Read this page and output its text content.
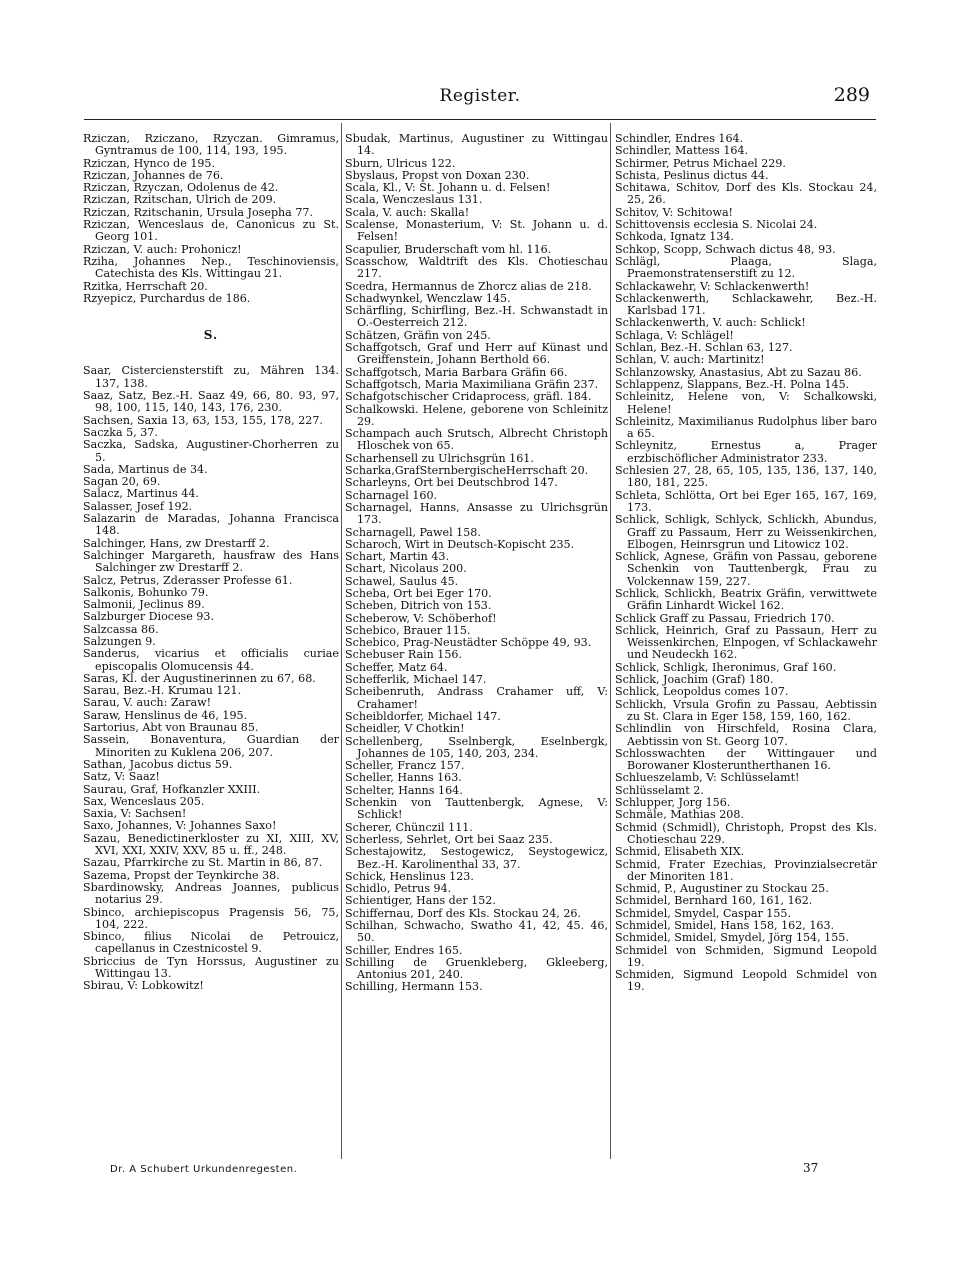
Register.	289

Rziczan, Rziczano, Rzyczan. Gimramus, Gyntramus de 100, 114, 193, 195.

Rziczan, Hynco de 195.

Rziczan, Johannes de 76.

Rziczan, Rzyczan, Odolenus de 42.

Rziczan, Rzitschan, Ulrich de 209.

Rziczan, Rzitschanin, Ursula Josepha 77.

Rziczan, Wenceslaus de, Canonicus zu St. Georg 101.

Rziczan, V. auch: Prohonicz!

Rziha, Johannes Nep., Teschinoviensis, Catechista des Kls. Wittingau 21.

Rzitka, Herrschaft 20.

Rzyepicz, Purchardus de 186.

S.

Saar, Cisterciensterstift zu, Mähren 134. 137, 138.

Saaz, Satz, Bez.-H. Saaz 49, 66, 80. 93, 97, 98, 100, 115, 140, 143, 176, 230.

Sachsen, Saxia 13, 63, 153, 155, 178, 227.

Saczka 5, 37.

Saczka, Sadska, Augustiner-Chorherren zu 5.

Sada, Martinus de 34.

Sagan 20, 69.

Salacz, Martinus 44.

Salasser, Josef 192.

Salazarin de Maradas, Johanna Francisca 148.

Salchinger, Hans, zw Drestarff 2.

Salchinger Margareth, hausfraw des Hans Salchinger zw Drestarff 2.

Salcz, Petrus, Zderasser Professe 61.

Salkonis, Bohunko 79.

Salmonii, Jeclinus 89.

Salzburger Diocese 93.

Salzcassa 86.

Salzungen 9.

Sanderus, vicarius et officialis curiae episcopalis Olomucensis 44.

Saras, Kl. der Augustinerinnen zu 67, 68.

Sarau, Bez.-H. Krumau 121.

Sarau, V. auch: Zaraw!

Saraw, Henslinus de 46, 195.

Sartorius, Abt von Braunau 85.

Sassein, Bonaventura, Guardian der Minoriten zu Kuklena 206, 207.

Sathan, Jacobus dictus 59.

Satz, V: Saaz!

Saurau, Graf, Hofkanzler XXIII.

Sax, Wenceslaus 205.

Saxia, V: Sachsen!

Saxo, Johannes, V: Johannes Saxo!

Sazau, Benedictinerkloster zu XI, XIII, XV, XVI, XXI, XXIV, XXV, 85 u. ff., 248.

Sazau, Pfarrkirche zu St. Martin in 86, 87.

Sazema, Propst der Teynkirche 38.

Sbardinowsky, Andreas Joannes, publicus notarius 29.

Sbinco, archiepiscopus Pragensis 56, 75, 104, 222.

Sbinco, filius Nicolai de Petrouicz, capellanus in Czestnicostel 9.

Sbriccius de Tyn Horssus, Augustiner zu Wittingau 13.

Sbirau, V: Lobkowitz!

Sbudak, Martinus, Augustiner zu Wittingau 14.

Sburn, Ulricus 122.

Sbyslaus, Propst von Doxan 230.

Scala, Kl., V: St. Johann u. d. Felsen!

Scala, Wenczeslaus 131.

Scala, V. auch: Skalla!

Scalense, Monasterium, V: St. Johann u. d. Felsen!

Scapulier, Bruderschaft vom hl. 116.

Scasschow, Waldtrift des Kls. Chotieschau 217.

Scedra, Hermannus de Zhorcz alias de 218.

Schadwynkel, Wenczlaw 145.

Schärfling, Schirfling, Bez.-H. Schwanstadt in O.-Oesterreich 212.

Schätzen, Gräfin von 245.

Schaffgotsch, Graf und Herr auf Künast und Greiffenstein, Johann Berthold 66.

Schaffgotsch, Maria Barbara Gräfin 66.

Schaffgotsch, Maria Maximiliana Gräfin 237.

Schafgotschischer Cridaprocess, gräfl. 184.

Schalkowski. Helene, geborene von Schleinitz 29.

Schampach auch Srutsch, Albrecht Christoph Hloschek von 65.

Scharhensell zu Ulrichsgrün 161.

Scharka,GrafSternbergischeHerrschaft 20.

Scharleyns, Ort bei Deutschbrod 147.

Scharnagel 160.

Scharnagel, Hanns, Ansasse zu Ulrichsgrün 173.

Scharnagell, Pawel 158.

Scharoch, Wirt in Deutsch-Kopischt 235.

Schart, Martin 43.

Schart, Nicolaus 200.

Schawel, Saulus 45.

Scheba, Ort bei Eger 170.

Scheben, Ditrich von 153.

Scheberow, V: Schöberhof!

Schebico, Brauer 115.

Schebico, Prag-Neustädter Schöppe 49, 93.

Schebuser Rain 156.

Scheffer, Matz 64.

Schefferlik, Michael 147.

Scheibenruth, Andrass Crahamer uff, V: Crahamer!

Scheibldorfer, Michael 147.

Scheidler, V Chotkin!

Schellenberg, Sselnbergk, Eselnbergk, Johannes de 105, 140, 203, 234.

Scheller, Francz 157.

Scheller, Hanns 163.

Schelter, Hanns 164.

Schenkin von Tauttenbergk, Agnese, V: Schlick!

Scherer, Chünczil 111.

Scherless, Sehrlet, Ort bei Saaz 235.

Schestajowitz, Sestogewicz, Seystogewicz, Bez.-H. Karolinenthal 33, 37.

Schick, Henslinus 123.

Schidlo, Petrus 94.

Schientiger, Hans der 152.

Schiffernau, Dorf des Kls. Stockau 24, 26.

Schilhan, Schwacho, Swatho 41, 42, 45. 46, 50.

Schiller, Endres 165.

Schilling de Gruenkleberg, Gkleeberg, Antonius 201, 240.

Schilling, Hermann 153.

Schindler, Endres 164.

Schindler, Mattess 164.

Schirmer, Petrus Michael 229.

Schista, Peslinus dictus 44.

Schitawa, Schitov, Dorf des Kls. Stockau 24, 25, 26.

Schitov, V: Schitowa!

Schittovensis ecclesia S. Nicolai 24.

Schkoda, Ignatz 134.

Schkop, Scopp, Schwach dictus 48, 93.

Schlägl, Plaaga, Slaga, Praemonstratenserstift zu 12.

Schlackawehr, V: Schlackenwerth!

Schlackenwerth, Schlackawehr, Bez.-H. Karlsbad 171.

Schlackenwerth, V. auch: Schlick!

Schlaga, V: Schlägel!

Schlan, Bez.-H. Schlan 63, 127.

Schlan, V. auch: Martinitz!

Schlanzowsky, Anastasius, Abt zu Sazau 86.

Schlappenz, Slappans, Bez.-H. Polna 145.

Schleinitz, Helene von, V: Schalkowski, Helene!

Schleinitz, Maximilianus Rudolphus liber baro a 65.

Schleynitz, Ernestus a, Prager erzbischöflicher Administrator 233.

Schlesien 27, 28, 65, 105, 135, 136, 137, 140, 180, 181, 225.

Schleta, Schlötta, Ort bei Eger 165, 167, 169, 173.

Schlick, Schligk, Schlyck, Schlickh, Abundus, Graff zu Passaum, Herr zu Weissenkirchen, Elbogen, Heinrsgrun und Litowicz 102.

Schlick, Agnese, Gräfin von Passau, geborene Schenkin von Tauttenbergk, Frau zu Volckennaw 159, 227.

Schlick, Schlickh, Beatrix Gräfin, verwittwete Gräfin Linhardt Wickel 162.

Schlick Graff zu Passau, Friedrich 170.

Schlick, Heinrich, Graf zu Passaun, Herr zu Weissenkirchen, Elnpogen, vf Schlackawehr und Neudeckh 162.

Schlick, Schligk, Iheronimus, Graf 160.

Schlick, Joachim (Graf) 180.

Schlick, Leopoldus comes 107.

Schlickh, Vrsula Grofin zu Passau, Aebtissin zu St. Clara in Eger 158, 159, 160, 162.

Schlindlin von Hirschfeld, Rosina Clara, Aebtissin von St. Georg 107.

Schlosswachten der Wittingauer und Borowaner Klosteruntherthanen 16.

Schlueszelamb, V: Schlüsselamt!

Schlüsselamt 2.

Schlupper, Jorg 156.

Schmäle, Mathias 208.

Schmid (Schmidl), Christoph, Propst des Kls. Chotieschau 229.

Schmid, Elisabeth XIX.

Schmid, Frater Ezechias, Provinzialsecretär der Minoriten 181.

Schmid, P., Augustiner zu Stockau 25.

Schmidel, Bernhard 160, 161, 162.

Schmidel, Smydel, Caspar 155.

Schmidel, Smidel, Hans 158, 162, 163.

Schmidel, Smidel, Smydel, Jörg 154, 155.

Schmidel von Schmiden, Sigmund Leopold 19.

Schmiden, Sigmund Leopold Schmidel von 19.

Dr. A Schubert Urkundenregesten.	37
